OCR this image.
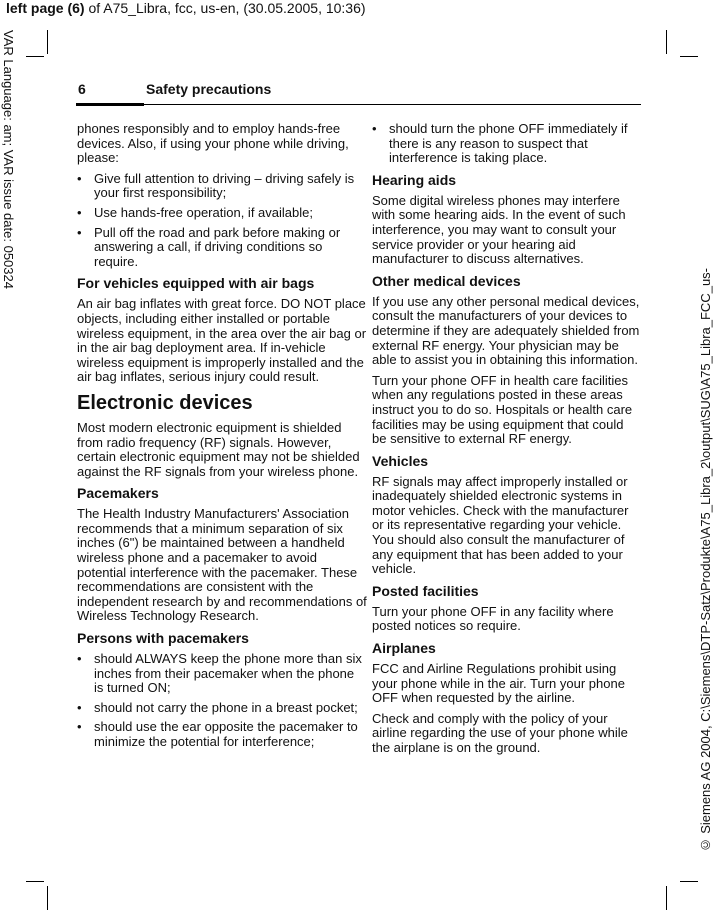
left page (6) of A75_Libra, fcc, us-en, (30.05.2005, 10:36)
VAR Language: am; VAR issue date: 050324
© Siemens AG 2004, C:\Siemens\DTP-Satz\Produkte\A75_Libra_2\output\SUG\A75_Libra_FCC_us-
6	Safety precautions

phones responsibly and to employ hands-free devices. Also, if using your phone while driving, please:

• Give full attention to driving – driving safely is your first responsibility;
• Use hands-free operation, if available;
• Pull off the road and park before making or answering a call, if driving conditions so require.
For vehicles equipped with air bags

An air bag inflates with great force. DO NOT place objects, including either installed or portable wireless equipment, in the area over the air bag or in the air bag deployment area. If in-vehicle wireless equipment is improperly installed and the air bag inflates, serious injury could result.

Electronic devices

Most modern electronic equipment is shielded from radio frequency (RF) signals. However, certain electronic equipment may not be shielded against the RF signals from your wireless phone.

Pacemakers

The Health Industry Manufacturers' Association recommends that a minimum separation of six inches (6") be maintained between a handheld wireless phone and a pacemaker to avoid potential interference with the pacemaker. These recommendations are consistent with the independent research by and recommendations of Wireless Technology Research.

Persons with pacemakers
• should ALWAYS keep the phone more than six inches from their pacemaker when the phone is turned ON;
• should not carry the phone in a breast pocket;
• should use the ear opposite the pacemaker to minimize the potential for interference;
• should turn the phone OFF immediately if there is any reason to suspect that interference is taking place.
Hearing aids

Some digital wireless phones may interfere with some hearing aids. In the event of such interference, you may want to consult your service provider or your hearing aid manufacturer to discuss alternatives.

Other medical devices

If you use any other personal medical devices, consult the manufacturers of your devices to determine if they are adequately shielded from external RF energy. Your physician may be able to assist you in obtaining this information.

Turn your phone OFF in health care facilities when any regulations posted in these areas instruct you to do so. Hospitals or health care facilities may be using equipment that could be sensitive to external RF energy.

Vehicles

RF signals may affect improperly installed or inadequately shielded electronic systems in motor vehicles. Check with the manufacturer or its representative regarding your vehicle. You should also consult the manufacturer of any equipment that has been added to your vehicle.

Posted facilities

Turn your phone OFF in any facility where posted notices so require.

Airplanes

FCC and Airline Regulations prohibit using your phone while in the air. Turn your phone OFF when requested by the airline.

Check and comply with the policy of your airline regarding the use of your phone while the airplane is on the ground.
